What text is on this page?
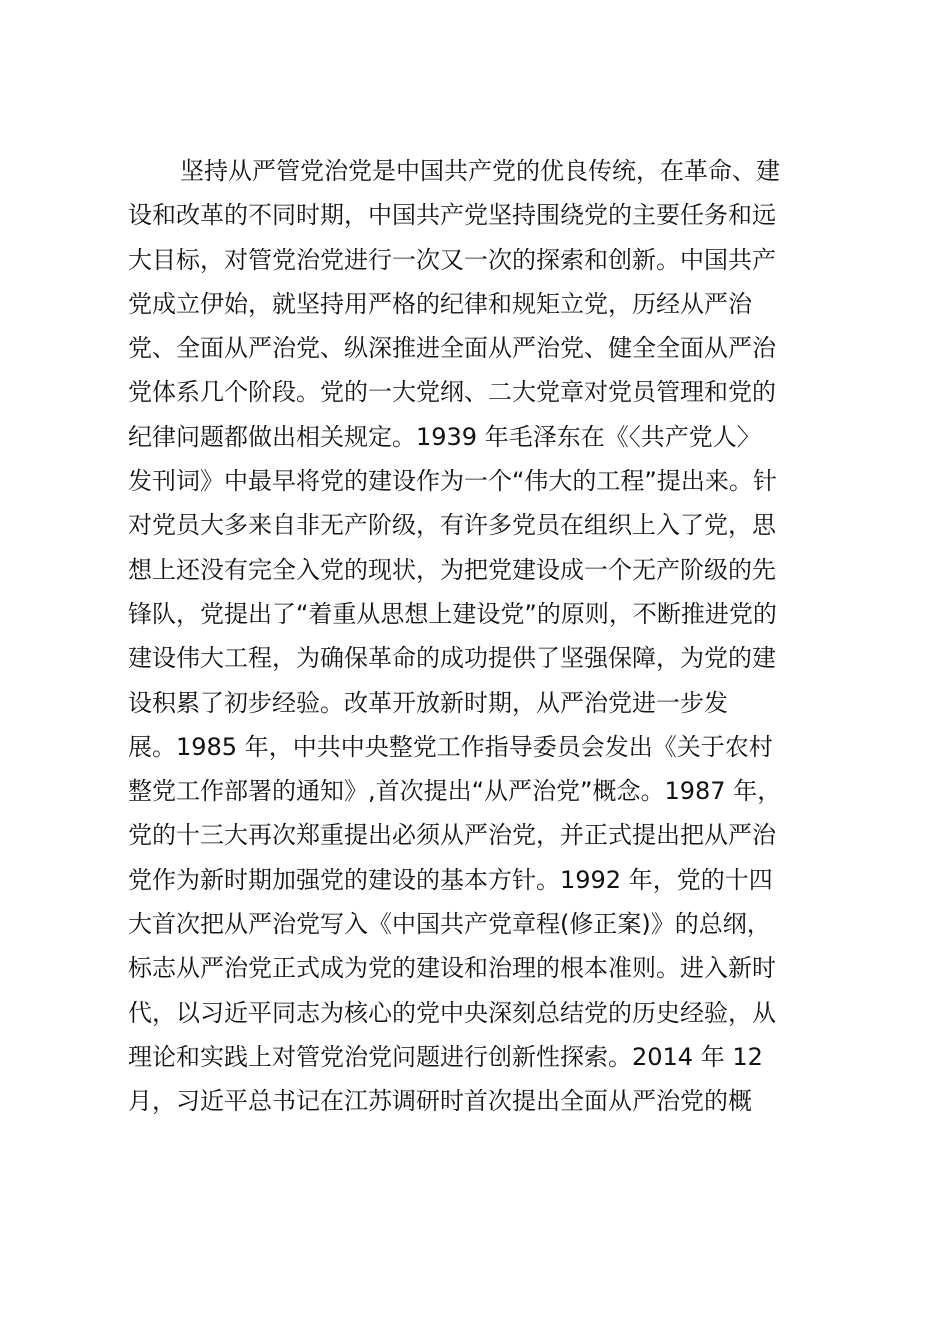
坚持从严管党治党是中国共产党的优良传统，在革命、建
设和改革的不同时期，中国共产党坚持围绕党的主要任务和远
大目标，对管党治党进行一次又一次的探索和创新。中国共产
党成立伊始，就坚持用严格的纪律和规矩立党，历经从严治
党、全面从严治党、纵深推进全面从严治党、健全全面从严治
党体系几个阶段。党的一大党纲、二大党章对党员管理和党的
纪律问题都做出相关规定。1939 年毛泽东在《〈共产党人〉
发刊词》中最早将党的建设作为一个“伟大的工程”提出来。针
对党员大多来自非无产阶级，有许多党员在组织上入了党，思
想上还没有完全入党的现状，为把党建设成一个无产阶级的先
锋队，党提出了“着重从思想上建设党”的原则，不断推进党的
建设伟大工程，为确保革命的成功提供了坚强保障，为党的建
设积累了初步经验。改革开放新时期，从严治党进一步发
展。1985 年，中共中央整党工作指导委员会发出《关于农村
整党工作部署的通知》,首次提出“从严治党”概念。1987 年，
党的十三大再次郑重提出必须从严治党，并正式提出把从严治
党作为新时期加强党的建设的基本方针。1992 年，党的十四
大首次把从严治党写入《中国共产党章程(修正案)》的总纲，
标志从严治党正式成为党的建设和治理的根本准则。进入新时
代，以习近平同志为核心的党中央深刻总结党的历史经验，从
理论和实践上对管党治党问题进行创新性探索。2014 年 12
月，习近平总书记在江苏调研时首次提出全面从严治党的概
